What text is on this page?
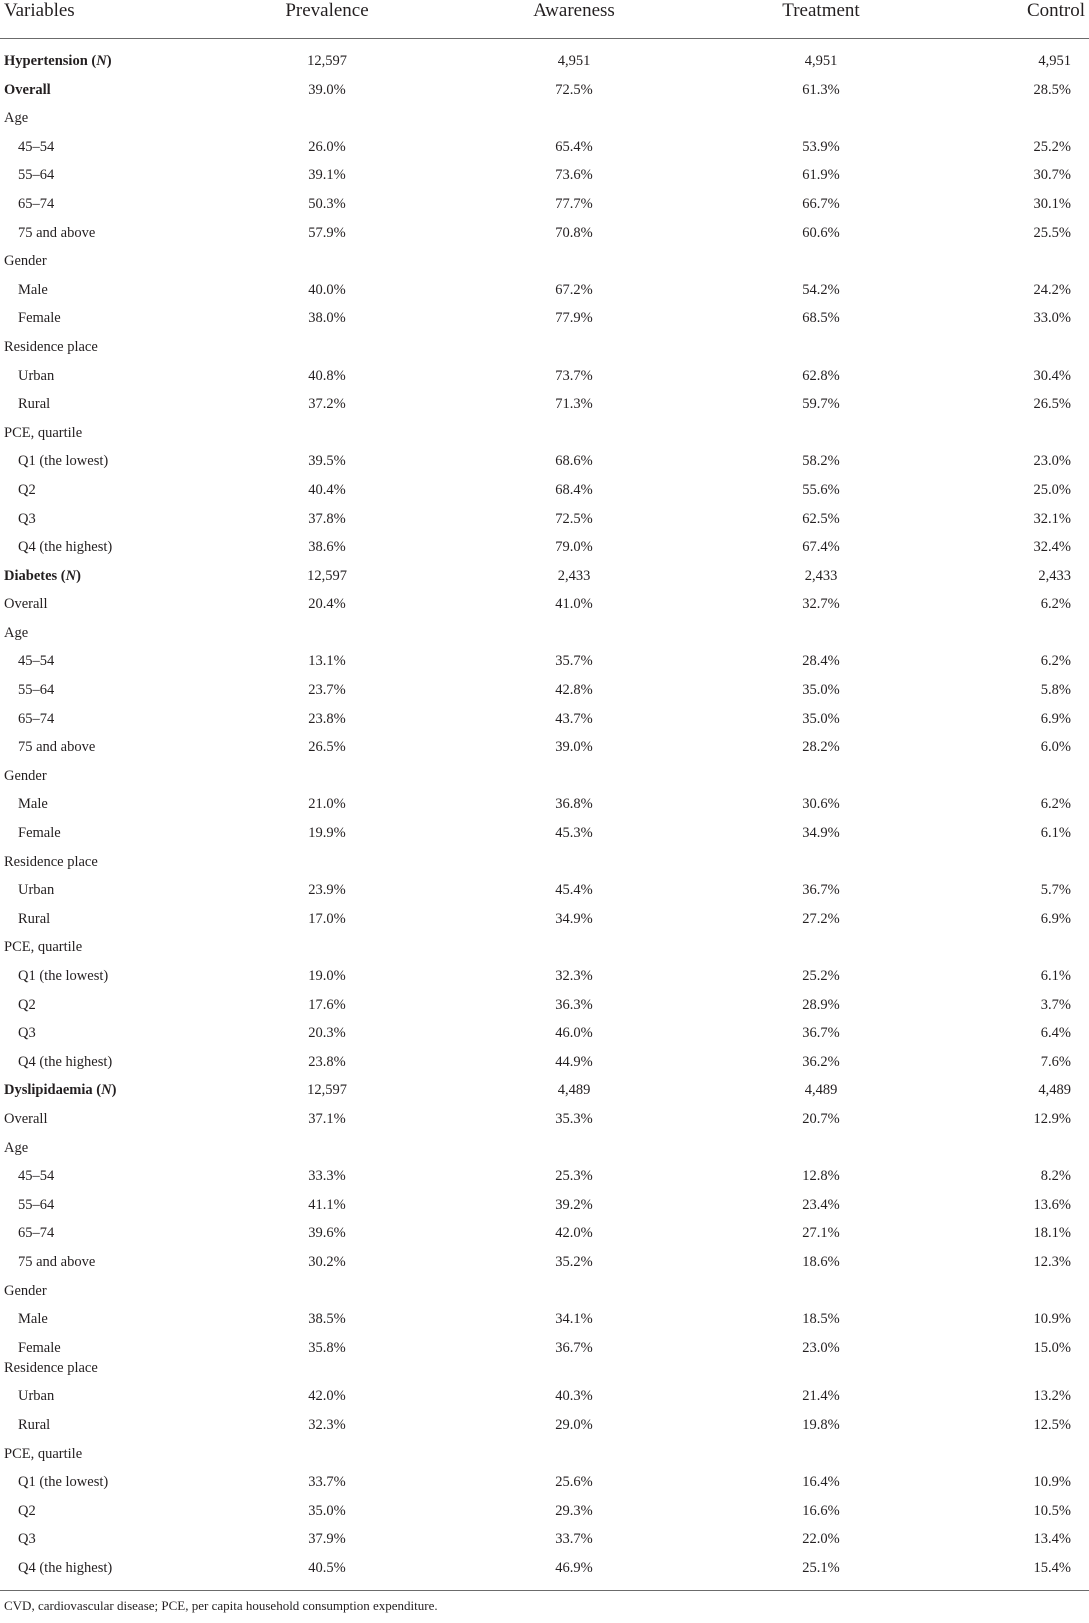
Variables	Prevalence	Awareness	Treatment	Control
Hypertension (N)	12,597	4,951	4,951	4,951
Overall	39.0%	72.5%	61.3%	28.5%
Age
45–54	26.0%	65.4%	53.9%	25.2%
55–64	39.1%	73.6%	61.9%	30.7%
65–74	50.3%	77.7%	66.7%	30.1%
75 and above	57.9%	70.8%	60.6%	25.5%
Gender
Male	40.0%	67.2%	54.2%	24.2%
Female	38.0%	77.9%	68.5%	33.0%
Residence place
Urban	40.8%	73.7%	62.8%	30.4%
Rural	37.2%	71.3%	59.7%	26.5%
PCE, quartile
Q1 (the lowest)	39.5%	68.6%	58.2%	23.0%
Q2	40.4%	68.4%	55.6%	25.0%
Q3	37.8%	72.5%	62.5%	32.1%
Q4 (the highest)	38.6%	79.0%	67.4%	32.4%
Diabetes (N)	12,597	2,433	2,433	2,433
Overall	20.4%	41.0%	32.7%	6.2%
Age
45–54	13.1%	35.7%	28.4%	6.2%
55–64	23.7%	42.8%	35.0%	5.8%
65–74	23.8%	43.7%	35.0%	6.9%
75 and above	26.5%	39.0%	28.2%	6.0%
Gender
Male	21.0%	36.8%	30.6%	6.2%
Female	19.9%	45.3%	34.9%	6.1%
Residence place
Urban	23.9%	45.4%	36.7%	5.7%
Rural	17.0%	34.9%	27.2%	6.9%
PCE, quartile
Q1 (the lowest)	19.0%	32.3%	25.2%	6.1%
Q2	17.6%	36.3%	28.9%	3.7%
Q3	20.3%	46.0%	36.7%	6.4%
Q4 (the highest)	23.8%	44.9%	36.2%	7.6%
Dyslipidaemia (N)	12,597	4,489	4,489	4,489
Overall	37.1%	35.3%	20.7%	12.9%
Age
45–54	33.3%	25.3%	12.8%	8.2%
55–64	41.1%	39.2%	23.4%	13.6%
65–74	39.6%	42.0%	27.1%	18.1%
75 and above	30.2%	35.2%	18.6%	12.3%
Gender
Male	38.5%	34.1%	18.5%	10.9%
Female	35.8%	36.7%	23.0%	15.0%
Residence place
Urban	42.0%	40.3%	21.4%	13.2%
Rural	32.3%	29.0%	19.8%	12.5%
PCE, quartile
Q1 (the lowest)	33.7%	25.6%	16.4%	10.9%
Q2	35.0%	29.3%	16.6%	10.5%
Q3	37.9%	33.7%	22.0%	13.4%
Q4 (the highest)	40.5%	46.9%	25.1%	15.4%
CVD, cardiovascular disease; PCE, per capita household consumption expenditure.
